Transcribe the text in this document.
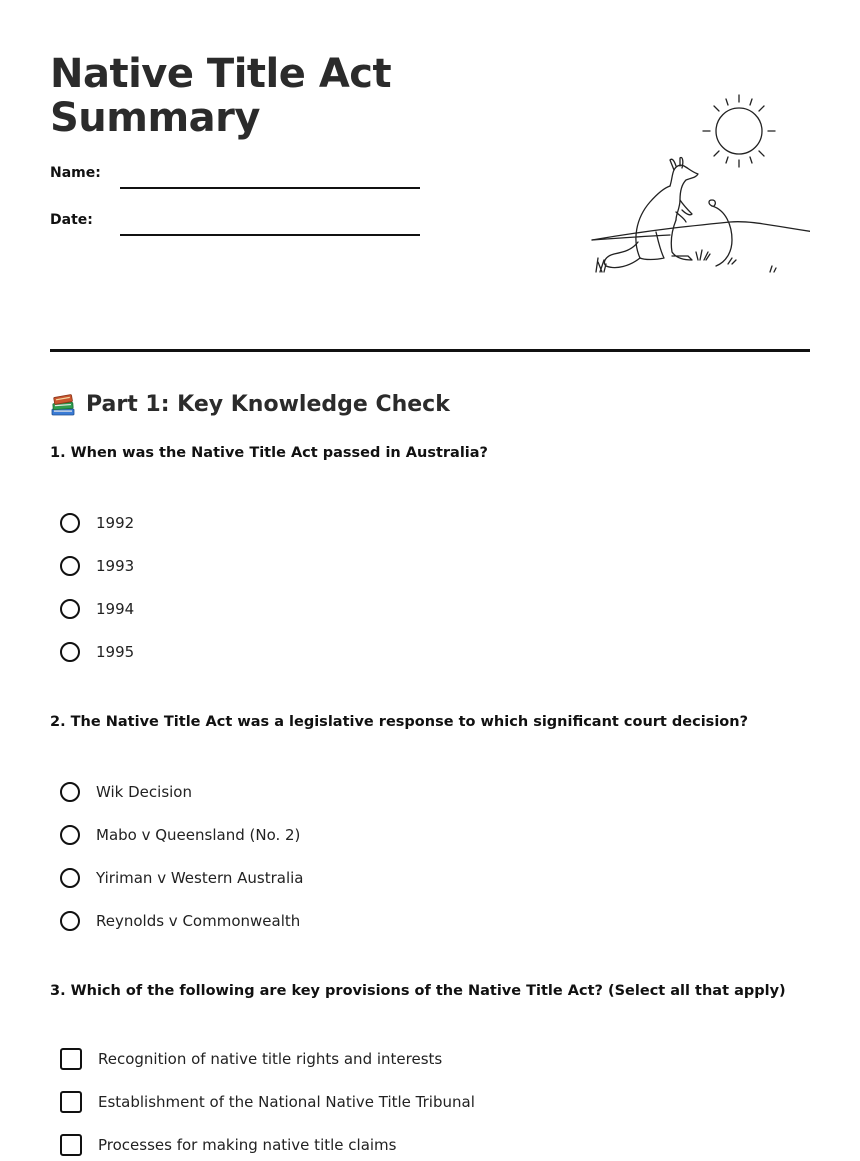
Native Title Act
Summary
Name:
Date:
Part 1: Key Knowledge Check
1. When was the Native Title Act passed in Australia?
1992
1993
1994
1995
2. The Native Title Act was a legislative response to which significant court decision?
Wik Decision
Mabo v Queensland (No. 2)
Yiriman v Western Australia
Reynolds v Commonwealth
3. Which of the following are key provisions of the Native Title Act? (Select all that apply)
Recognition of native title rights and interests
Establishment of the National Native Title Tribunal
Processes for making native title claims
